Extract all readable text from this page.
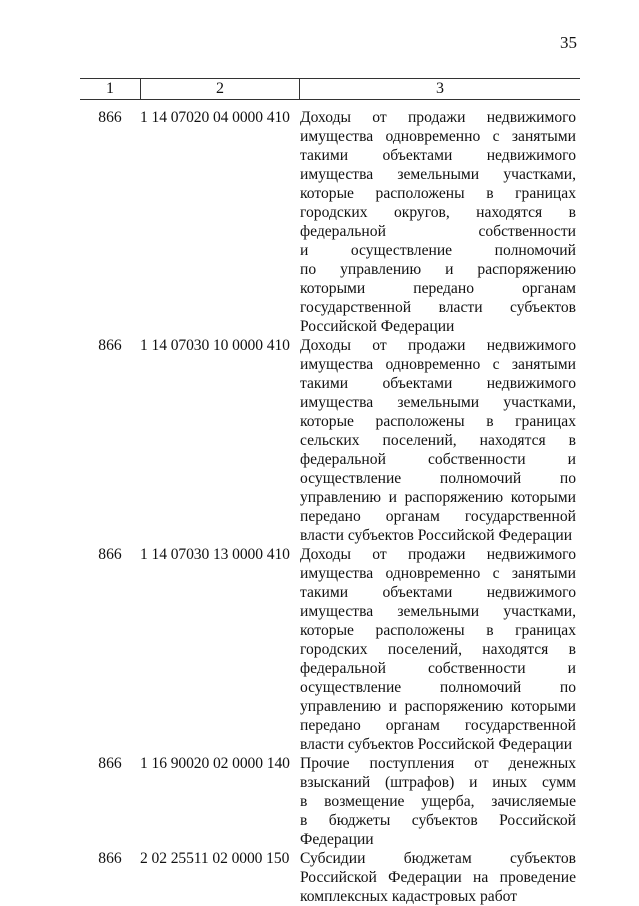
35
1	2	3
866	1 14 07020 04 0000 410 Доходы от продажи недвижимого
имущества одновременно с занятыми
такими объектами недвижимого
имущества земельными участками,
которые расположены в границах
городских округов, находятся в
федеральной собственности
и осуществление полномочий
по управлению и распоряжению
которыми передано органам
государственной власти субъектов
Российской Федерации
866	1 14 07030 10 0000 410 Доходы от продажи недвижимого
имущества одновременно с занятыми
такими объектами недвижимого
имущества земельными участками,
которые расположены в границах
сельских поселений, находятся в
федеральной собственности и
осуществление полномочий по
управлению и распоряжению которыми
передано органам государственной
власти субъектов Российской Федерации
866	1 14 07030 13 0000 410 Доходы от продажи недвижимого
имущества одновременно с занятыми
такими объектами недвижимого
имущества земельными участками,
которые расположены в границах
городских поселений, находятся в
федеральной собственности и
осуществление полномочий по
управлению и распоряжению которыми
передано органам государственной
власти субъектов Российской Федерации
866	1 16 90020 02 0000 140 Прочие поступления от денежных
взысканий (штрафов) и иных сумм
в возмещение ущерба, зачисляемые
в бюджеты субъектов Российской
Федерации
866	2 02 25511 02 0000 150 Субсидии бюджетам субъектов
Российской Федерации на проведение
комплексных кадастровых работ
